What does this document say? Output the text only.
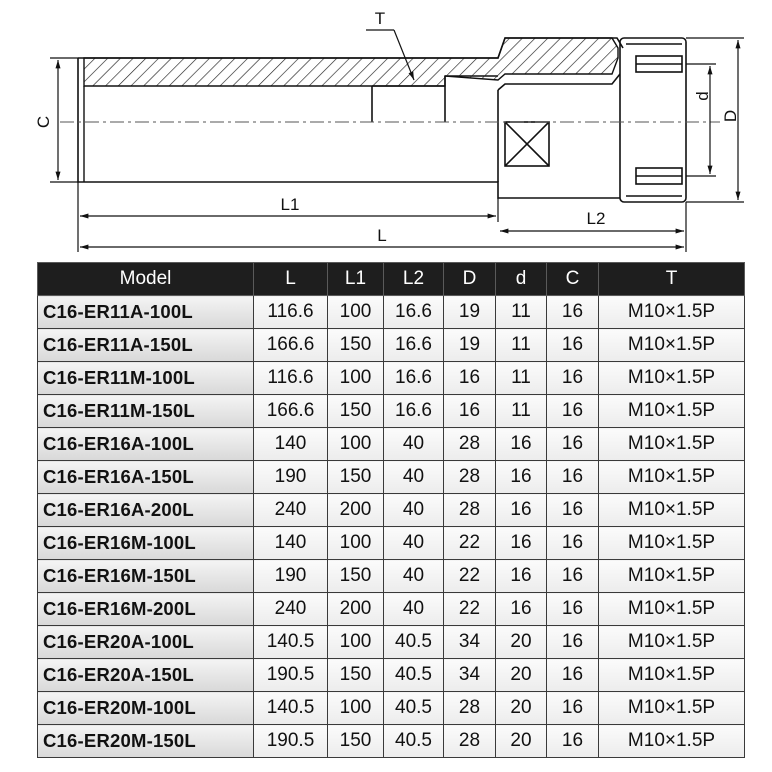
T
C
d
D
L1
L2
L
Model	L	L1	L2	D	d	C	T
C16-ER11A-100L	116.6	100	16.6	19	11	16	M10×1.5P
C16-ER11A-150L	166.6	150	16.6	19	11	16	M10×1.5P
C16-ER11M-100L	116.6	100	16.6	16	11	16	M10×1.5P
C16-ER11M-150L	166.6	150	16.6	16	11	16	M10×1.5P
C16-ER16A-100L	140	100	40	28	16	16	M10×1.5P
C16-ER16A-150L	190	150	40	28	16	16	M10×1.5P
C16-ER16A-200L	240	200	40	28	16	16	M10×1.5P
C16-ER16M-100L	140	100	40	22	16	16	M10×1.5P
C16-ER16M-150L	190	150	40	22	16	16	M10×1.5P
C16-ER16M-200L	240	200	40	22	16	16	M10×1.5P
C16-ER20A-100L	140.5	100	40.5	34	20	16	M10×1.5P
C16-ER20A-150L	190.5	150	40.5	34	20	16	M10×1.5P
C16-ER20M-100L	140.5	100	40.5	28	20	16	M10×1.5P
C16-ER20M-150L	190.5	150	40.5	28	20	16	M10×1.5P
